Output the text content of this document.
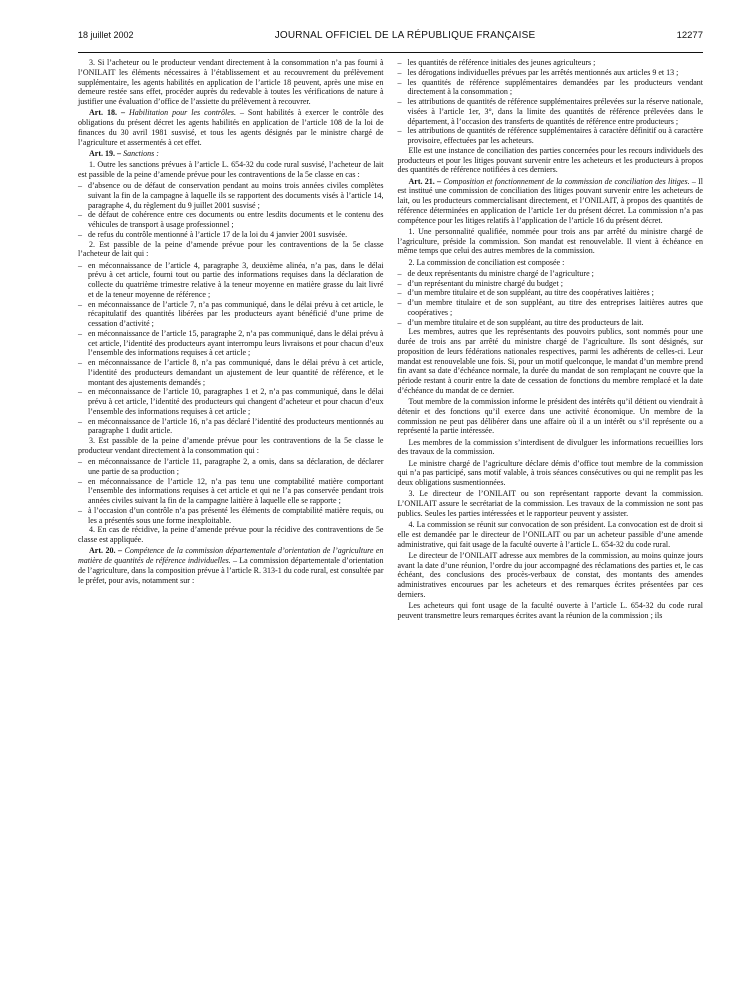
18 juillet 2002	JOURNAL OFFICIEL DE LA RÉPUBLIQUE FRANÇAISE	12277

3. Si l’acheteur ou le producteur vendant directement à la consommation n’a pas fourni à l’ONILAIT les éléments nécessaires à l’établissement et au recouvrement du prélèvement supplémentaire, les agents habilités en application de l’article 18 peuvent, après une mise en demeure restée sans effet, procéder auprès du redevable à toutes les vérifications de nature à justifier une évaluation d’office de l’assiette du prélèvement à recouvrer.

Art. 18. – Habilitation pour les contrôles. – Sont habilités à exercer le contrôle des obligations du présent décret les agents habilités en application de l’article 108 de la loi de finances du 30 avril 1981 susvisé, et tous les agents désignés par le ministre chargé de l’agriculture et assermentés à cet effet.

Art. 19. – Sanctions :

1. Outre les sanctions prévues à l’article L. 654-32 du code rural susvisé, l’acheteur de lait est passible de la peine d’amende prévue pour les contraventions de la 5e classe en cas :

– d’absence ou de défaut de conservation pendant au moins trois années civiles complètes suivant la fin de la campagne à laquelle ils se rapportent des documents visés à l’article 14, paragraphe 4, du règlement du 9 juillet 2001 susvisé ;

– de défaut de cohérence entre ces documents ou entre lesdits documents et le contenu des véhicules de transport à usage professionnel ;

– de refus du contrôle mentionné à l’article 17 de la loi du 4 janvier 2001 susvisée.

2. Est passible de la peine d’amende prévue pour les contraventions de la 5e classe l’acheteur de lait qui :

– en méconnaissance de l’article 4, paragraphe 3, deuxième alinéa, n’a pas, dans le délai prévu à cet article, fourni tout ou partie des informations requises dans la déclaration de collecte du quatrième trimestre relative à la teneur moyenne en matière grasse du lait livré et de la teneur moyenne de référence ;

– en méconnaissance de l’article 7, n’a pas communiqué, dans le délai prévu à cet article, le récapitulatif des quantités libérées par les producteurs ayant bénéficié d’une prime de cessation d’activité ;

– en méconnaissance de l’article 15, paragraphe 2, n’a pas communiqué, dans le délai prévu à cet article, l’identité des producteurs ayant interrompu leurs livraisons et pour chacun d’eux l’ensemble des informations requises à cet article ;

– en méconnaissance de l’article 8, n’a pas communiqué, dans le délai prévu à cet article, l’identité des producteurs demandant un ajustement de leur quantité de référence, et le montant des ajustements demandés ;

– en méconnaissance de l’article 10, paragraphes 1 et 2, n’a pas communiqué, dans le délai prévu à cet article, l’identité des producteurs qui changent d’acheteur et pour chacun d’eux l’ensemble des informations requises à cet article ;

– en méconnaissance de l’article 16, n’a pas déclaré l’identité des producteurs mentionnés au paragraphe 1 dudit article.

3. Est passible de la peine d’amende prévue pour les contraventions de la 5e classe le producteur vendant directement à la consommation qui :

– en méconnaissance de l’article 11, paragraphe 2, a omis, dans sa déclaration, de déclarer une partie de sa production ;

– en méconnaissance de l’article 12, n’a pas tenu une comptabilité matière comportant l’ensemble des informations requises à cet article et qui ne l’a pas conservée pendant trois années civiles suivant la fin de la campagne laitière à laquelle elle se rapporte ;

– à l’occasion d’un contrôle n’a pas présenté les éléments de comptabilité matière requis, ou les a présentés sous une forme inexploitable.

4. En cas de récidive, la peine d’amende prévue pour la récidive des contraventions de 5e classe est appliquée.

Art. 20. – Compétence de la commission départementale d’orientation de l’agriculture en matière de quantités de référence individuelles. – La commission départementale d’orientation de l’agriculture, dans la composition prévue à l’article R. 313-1 du code rural, est consultée par le préfet, pour avis, notamment sur :

– les quantités de référence initiales des jeunes agriculteurs ;

– les dérogations individuelles prévues par les arrêtés mentionnés aux articles 9 et 13 ;

– les quantités de référence supplémentaires demandées par les producteurs vendant directement à la consommation ;

– les attributions de quantités de référence supplémentaires prélevées sur la réserve nationale, visées à l’article 1er, 3°, dans la limite des quantités de référence prélevées dans le département, à l’occasion des transferts de quantités de référence entre producteurs ;

– les attributions de quantités de référence supplémentaires à caractère définitif ou à caractère provisoire, effectuées par les acheteurs.

Elle est une instance de conciliation des parties concernées pour les recours individuels des producteurs et pour les litiges pouvant survenir entre les acheteurs et les producteurs à propos des quantités de référence notifiées à ces derniers.

Art. 21. – Composition et fonctionnement de la commission de conciliation des litiges. – Il est institué une commission de conciliation des litiges pouvant survenir entre les acheteurs de lait, ou les producteurs commercialisant directement, et l’ONILAIT, à propos des quantités de référence déterminées en application de l’article 1er du présent décret. La commission n’a pas compétence pour les litiges relatifs à l’application de l’article 16 du présent décret.

1. Une personnalité qualifiée, nommée pour trois ans par arrêté du ministre chargé de l’agriculture, préside la commission. Son mandat est renouvelable. Il vient à échéance en même temps que celui des autres membres de la commission.

2. La commission de conciliation est composée :

– de deux représentants du ministre chargé de l’agriculture ;

– d’un représentant du ministre chargé du budget ;

– d’un membre titulaire et de son suppléant, au titre des coopératives laitières ;

– d’un membre titulaire et de son suppléant, au titre des entreprises laitières autres que coopératives ;

– d’un membre titulaire et de son suppléant, au titre des producteurs de lait.

Les membres, autres que les représentants des pouvoirs publics, sont nommés pour une durée de trois ans par arrêté du ministre chargé de l’agriculture. Ils sont désignés, sur proposition de leurs fédérations nationales respectives, parmi les adhérents de celles-ci. Leur mandat est renouvelable une fois. Si, pour un motif quelconque, le mandat d’un membre prend fin avant sa date d’échéance normale, la durée du mandat de son remplaçant ne couvre que la période restant à courir entre la date de cessation de fonctions du membre remplacé et la date d’échéance du mandat de ce dernier.

Tout membre de la commission informe le président des intérêts qu’il détient ou viendrait à détenir et des fonctions qu’il exerce dans une activité économique. Un membre de la commission ne peut pas délibérer dans une affaire où il a un intérêt ou s’il représente ou a représenté la partie intéressée.

Les membres de la commission s’interdisent de divulguer les informations recueillies lors des travaux de la commission.

Le ministre chargé de l’agriculture déclare démis d’office tout membre de la commission qui n’a pas participé, sans motif valable, à trois séances consécutives ou qui ne remplit pas les deux obligations susmentionnées.

3. Le directeur de l’ONILAIT ou son représentant rapporte devant la commission. L’ONILAIT assure le secrétariat de la commission. Les travaux de la commission ne sont pas publics. Seules les parties intéressées et le rapporteur peuvent y assister.

4. La commission se réunit sur convocation de son président. La convocation est de droit si elle est demandée par le directeur de l’ONILAIT ou par un acheteur passible d’une amende administrative, qui fait usage de la faculté ouverte à l’article L. 654-32 du code rural.

Le directeur de l’ONILAIT adresse aux membres de la commission, au moins quinze jours avant la date d’une réunion, l’ordre du jour accompagné des réclamations des parties et, le cas échéant, des conclusions des procès-verbaux de constat, des montants des amendes administratives encourues par les acheteurs et des remarques écrites présentées par ces derniers.

Les acheteurs qui font usage de la faculté ouverte à l’article L. 654-32 du code rural peuvent transmettre leurs remarques écrites avant la réunion de la commission ; ils
